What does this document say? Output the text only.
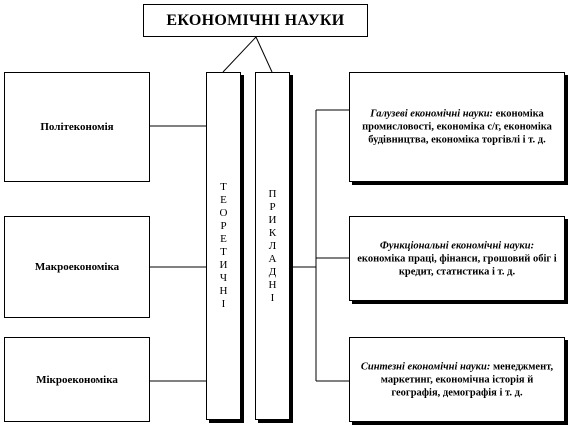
ЕКОНОМІЧНІ НАУКИ
Політекономія
Макроекономіка
Мікроекономіка
Т
Е
О
Р
Е
Т
И
Ч
Н
І
П
Р
И
К
Л
А
Д
Н
І
Галузеві економічні науки: економіка промисловості, економіка с/г, економіка будівництва, економіка торгівлі і т. д.
Функціональні економічні науки: економіка праці, фінанси, грошовий обіг і кредит, статистика і т. д.
Синтезні економічні науки: менеджмент, маркетинг, економічна історія й географія, демографія і т. д.
